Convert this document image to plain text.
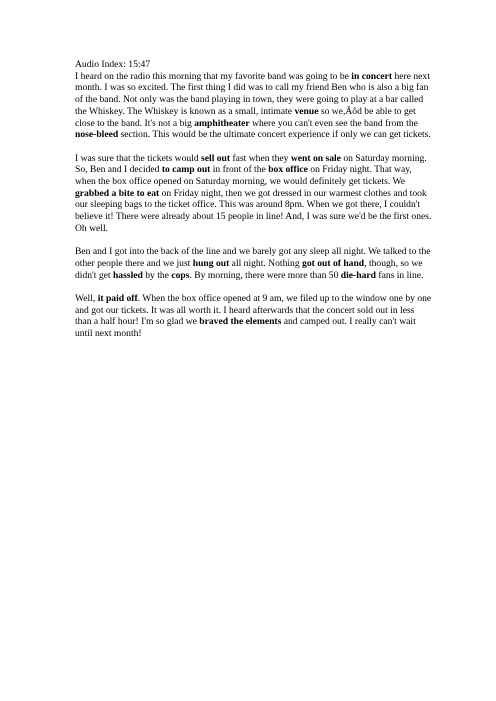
Audio Index: 15:47

I heard on the radio this morning that my favorite band was going to be in concert here next month. I was so excited. The first thing I did was to call my friend Ben who is also a big fan of the band. Not only was the band playing in town, they were going to play at a bar called the Whiskey. The Whiskey is known as a small, intimate venue so we,Äôd be able to get close to the band. It's not a big amphitheater where you can't even see the band from the nose-bleed section. This would be the ultimate concert experience if only we can get tickets.

I was sure that the tickets would sell out fast when they went on sale on Saturday morning. So, Ben and I decided to camp out in front of the box office on Friday night. That way, when the box office opened on Saturday morning, we would definitely get tickets. We grabbed a bite to eat on Friday night, then we got dressed in our warmest clothes and took our sleeping bags to the ticket office. This was around 8pm. When we got there, I couldn't believe it! There were already about 15 people in line! And, I was sure we'd be the first ones. Oh well.

Ben and I got into the back of the line and we barely got any sleep all night. We talked to the other people there and we just hung out all night. Nothing got out of hand, though, so we didn't get hassled by the cops. By morning, there were more than 50 die-hard fans in line.

Well, it paid off. When the box office opened at 9 am, we filed up to the window one by one and got our tickets. It was all worth it. I heard afterwards that the concert sold out in less than a half hour! I'm so glad we braved the elements and camped out. I really can't wait until next month!
